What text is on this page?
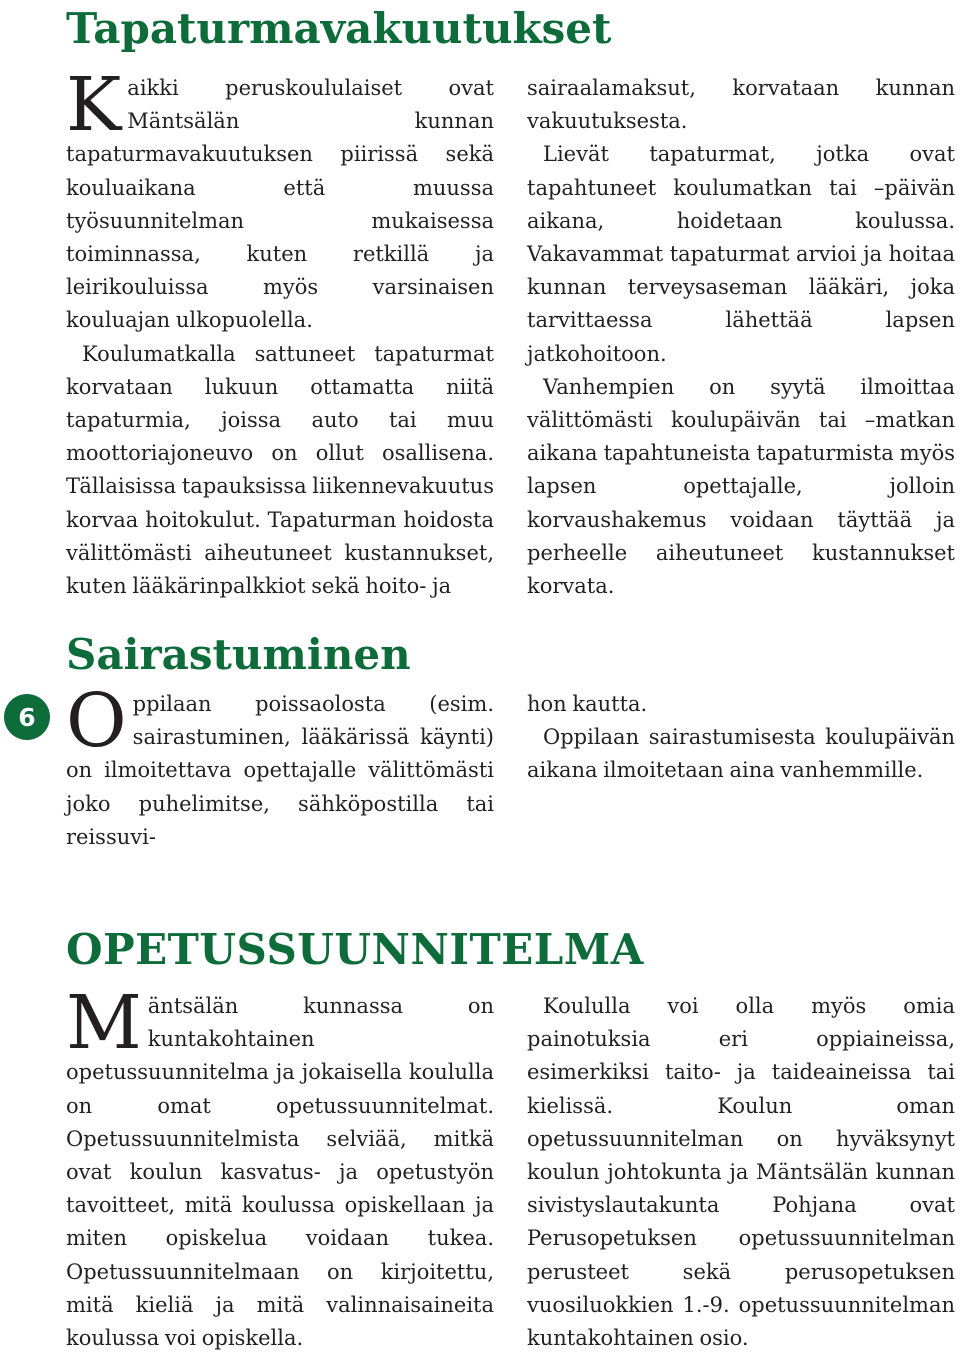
Tapaturmavakuutukset

Kaikki peruskoululaiset ovat Mäntsälän kunnan tapaturmavakuutuksen piirissä sekä kouluaikana että muussa työsuunnitelman mukaisessa toiminnassa, kuten retkillä ja leirikouluissa myös varsinaisen kouluajan ulkopuolella.

Koulumatkalla sattuneet tapaturmat korvataan lukuun ottamatta niitä tapaturmia, joissa auto tai muu moottoriajoneuvo on ollut osallisena. Tällaisissa tapauksissa liikennevakuutus korvaa hoitokulut. Tapaturman hoidosta välittömästi aiheutuneet kustannukset, kuten lääkärinpalkkiot sekä hoito- ja

sairaalamaksut, korvataan kunnan vakuutuksesta.

Lievät tapaturmat, jotka ovat tapahtuneet koulumatkan tai –päivän aikana, hoidetaan koulussa. Vakavammat tapaturmat arvioi ja hoitaa kunnan terveysaseman lääkäri, joka tarvittaessa lähettää lapsen jatkohoitoon.

Vanhempien on syytä ilmoittaa välittömästi koulupäivän tai –matkan aikana tapahtuneista tapaturmista myös lapsen opettajalle, jolloin korvaushakemus voidaan täyttää ja perheelle aiheutuneet kustannukset korvata.

6
Sairastuminen

Oppilaan poissaolosta (esim. sairastuminen, lääkärissä käynti) on ilmoitettava opettajalle välittömästi joko puhelimitse, sähköpostilla tai reissuvi-

hon kautta.

Oppilaan sairastumisesta koulupäivän aikana ilmoitetaan aina vanhemmille.

OPETUSSUUNNITELMA

Mäntsälän kunnassa on kuntakohtainen opetussuunnitelma ja jokaisella koululla on omat opetussuunnitelmat. Opetussuunnitelmista selviää, mitkä ovat koulun kasvatus- ja opetustyön tavoitteet, mitä koulussa opiskellaan ja miten opiskelua voidaan tukea. Opetussuunnitelmaan on kirjoitettu, mitä kieliä ja mitä valinnaisaineita koulussa voi opiskella.

Koululla voi olla myös omia painotuksia eri oppiaineissa, esimerkiksi taito- ja taideaineissa tai kielissä. Koulun oman opetussuunnitelman on hyväksynyt koulun johtokunta ja Mäntsälän kunnan sivistyslautakunta Pohjana ovat Perusopetuksen opetussuunnitelman perusteet sekä perusopetuksen vuosiluokkien 1.-9. opetussuunnitelman kuntakohtainen osio.
